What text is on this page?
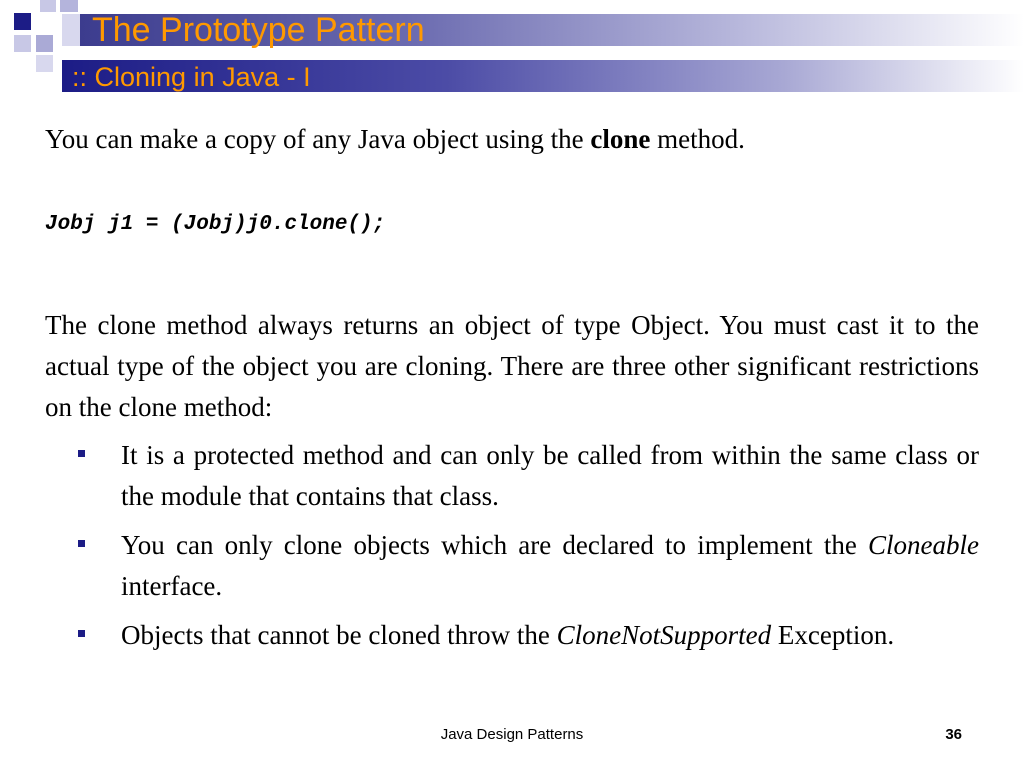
The Prototype Pattern
:: Cloning in Java - I

You can make a copy of any Java object using the clone method.

Jobj j1 = (Jobj)j0.clone();

The clone method always returns an object of type Object. You must cast it to the actual type of the object you are cloning. There are three other significant restrictions on the clone method:

It is a protected method and can only be called from within the same class or the module that contains that class.
You can only clone objects which are declared to implement the Cloneable interface.
Objects that cannot be cloned throw the CloneNotSupported Exception.
Java Design Patterns	36
